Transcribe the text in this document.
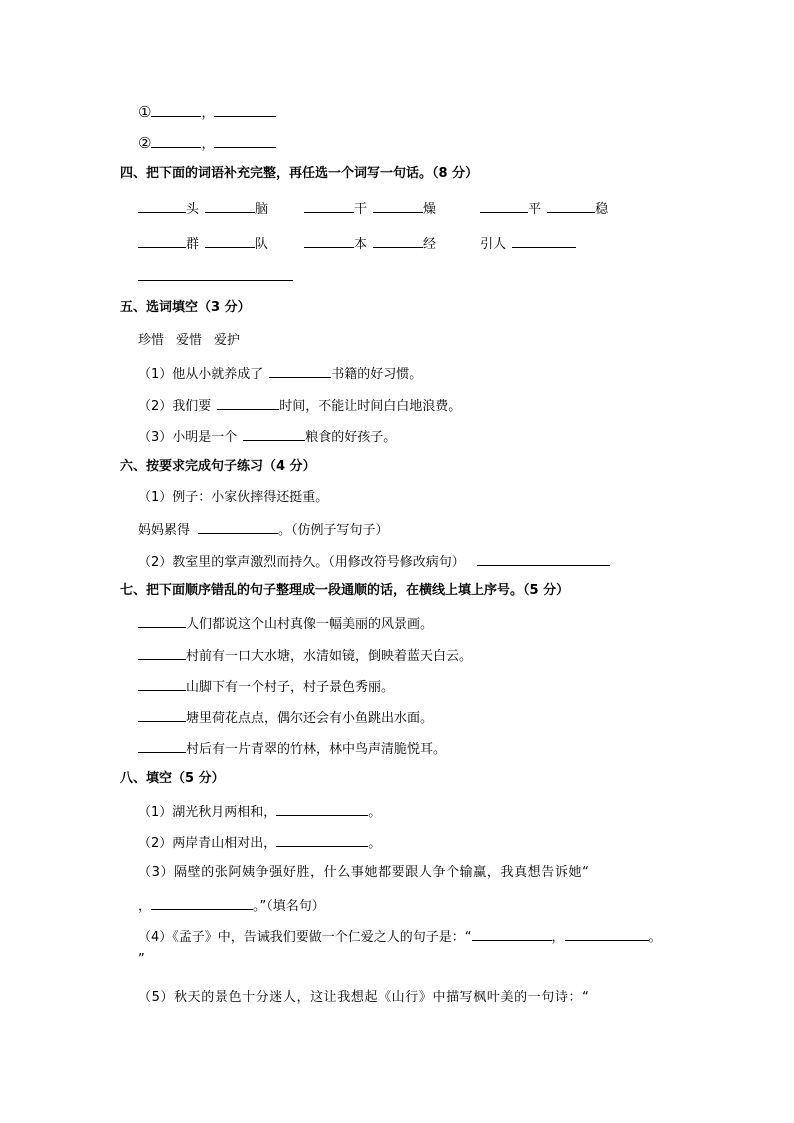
①	，
②	，
四、把下面的词语补充完整，再任选一个词写一句话。（8 分）
头	脑	干	燥	平	稳
群	队	本	经	引人
五、选词填空（3 分）
珍惜 爱惜 爱护
（1）他从小就养成了	书籍的好习惯。
（2）我们要	时间，不能让时间白白地浪费。
（3）小明是一个	粮食的好孩子。
六、按要求完成句子练习（4 分）
（1）例子：小家伙摔得还挺重。
妈妈累得	。（仿例子写句子）
（2）教室里的掌声激烈而持久。（用修改符号修改病句）
七、把下面顺序错乱的句子整理成一段通顺的话，在横线上填上序号。（5 分）
人们都说这个山村真像一幅美丽的风景画。
村前有一口大水塘，水清如镜，倒映着蓝天白云。
山脚下有一个村子，村子景色秀丽。
塘里荷花点点，偶尔还会有小鱼跳出水面。
村后有一片青翠的竹林，林中鸟声清脆悦耳。
八、填空（5 分）
（1）湖光秋月两相和，	。
（2）两岸青山相对出，	。
（3）隔壁的张阿姨争强好胜，什么事她都要跟人争个输赢，我真想告诉她“
，	。”（填名句）
（4）《孟子》中，告诫我们要做一个仁爱之人的句子是：“	，	。
”
（5）秋天的景色十分迷人，这让我想起《山行》中描写枫叶美的一句诗：“
